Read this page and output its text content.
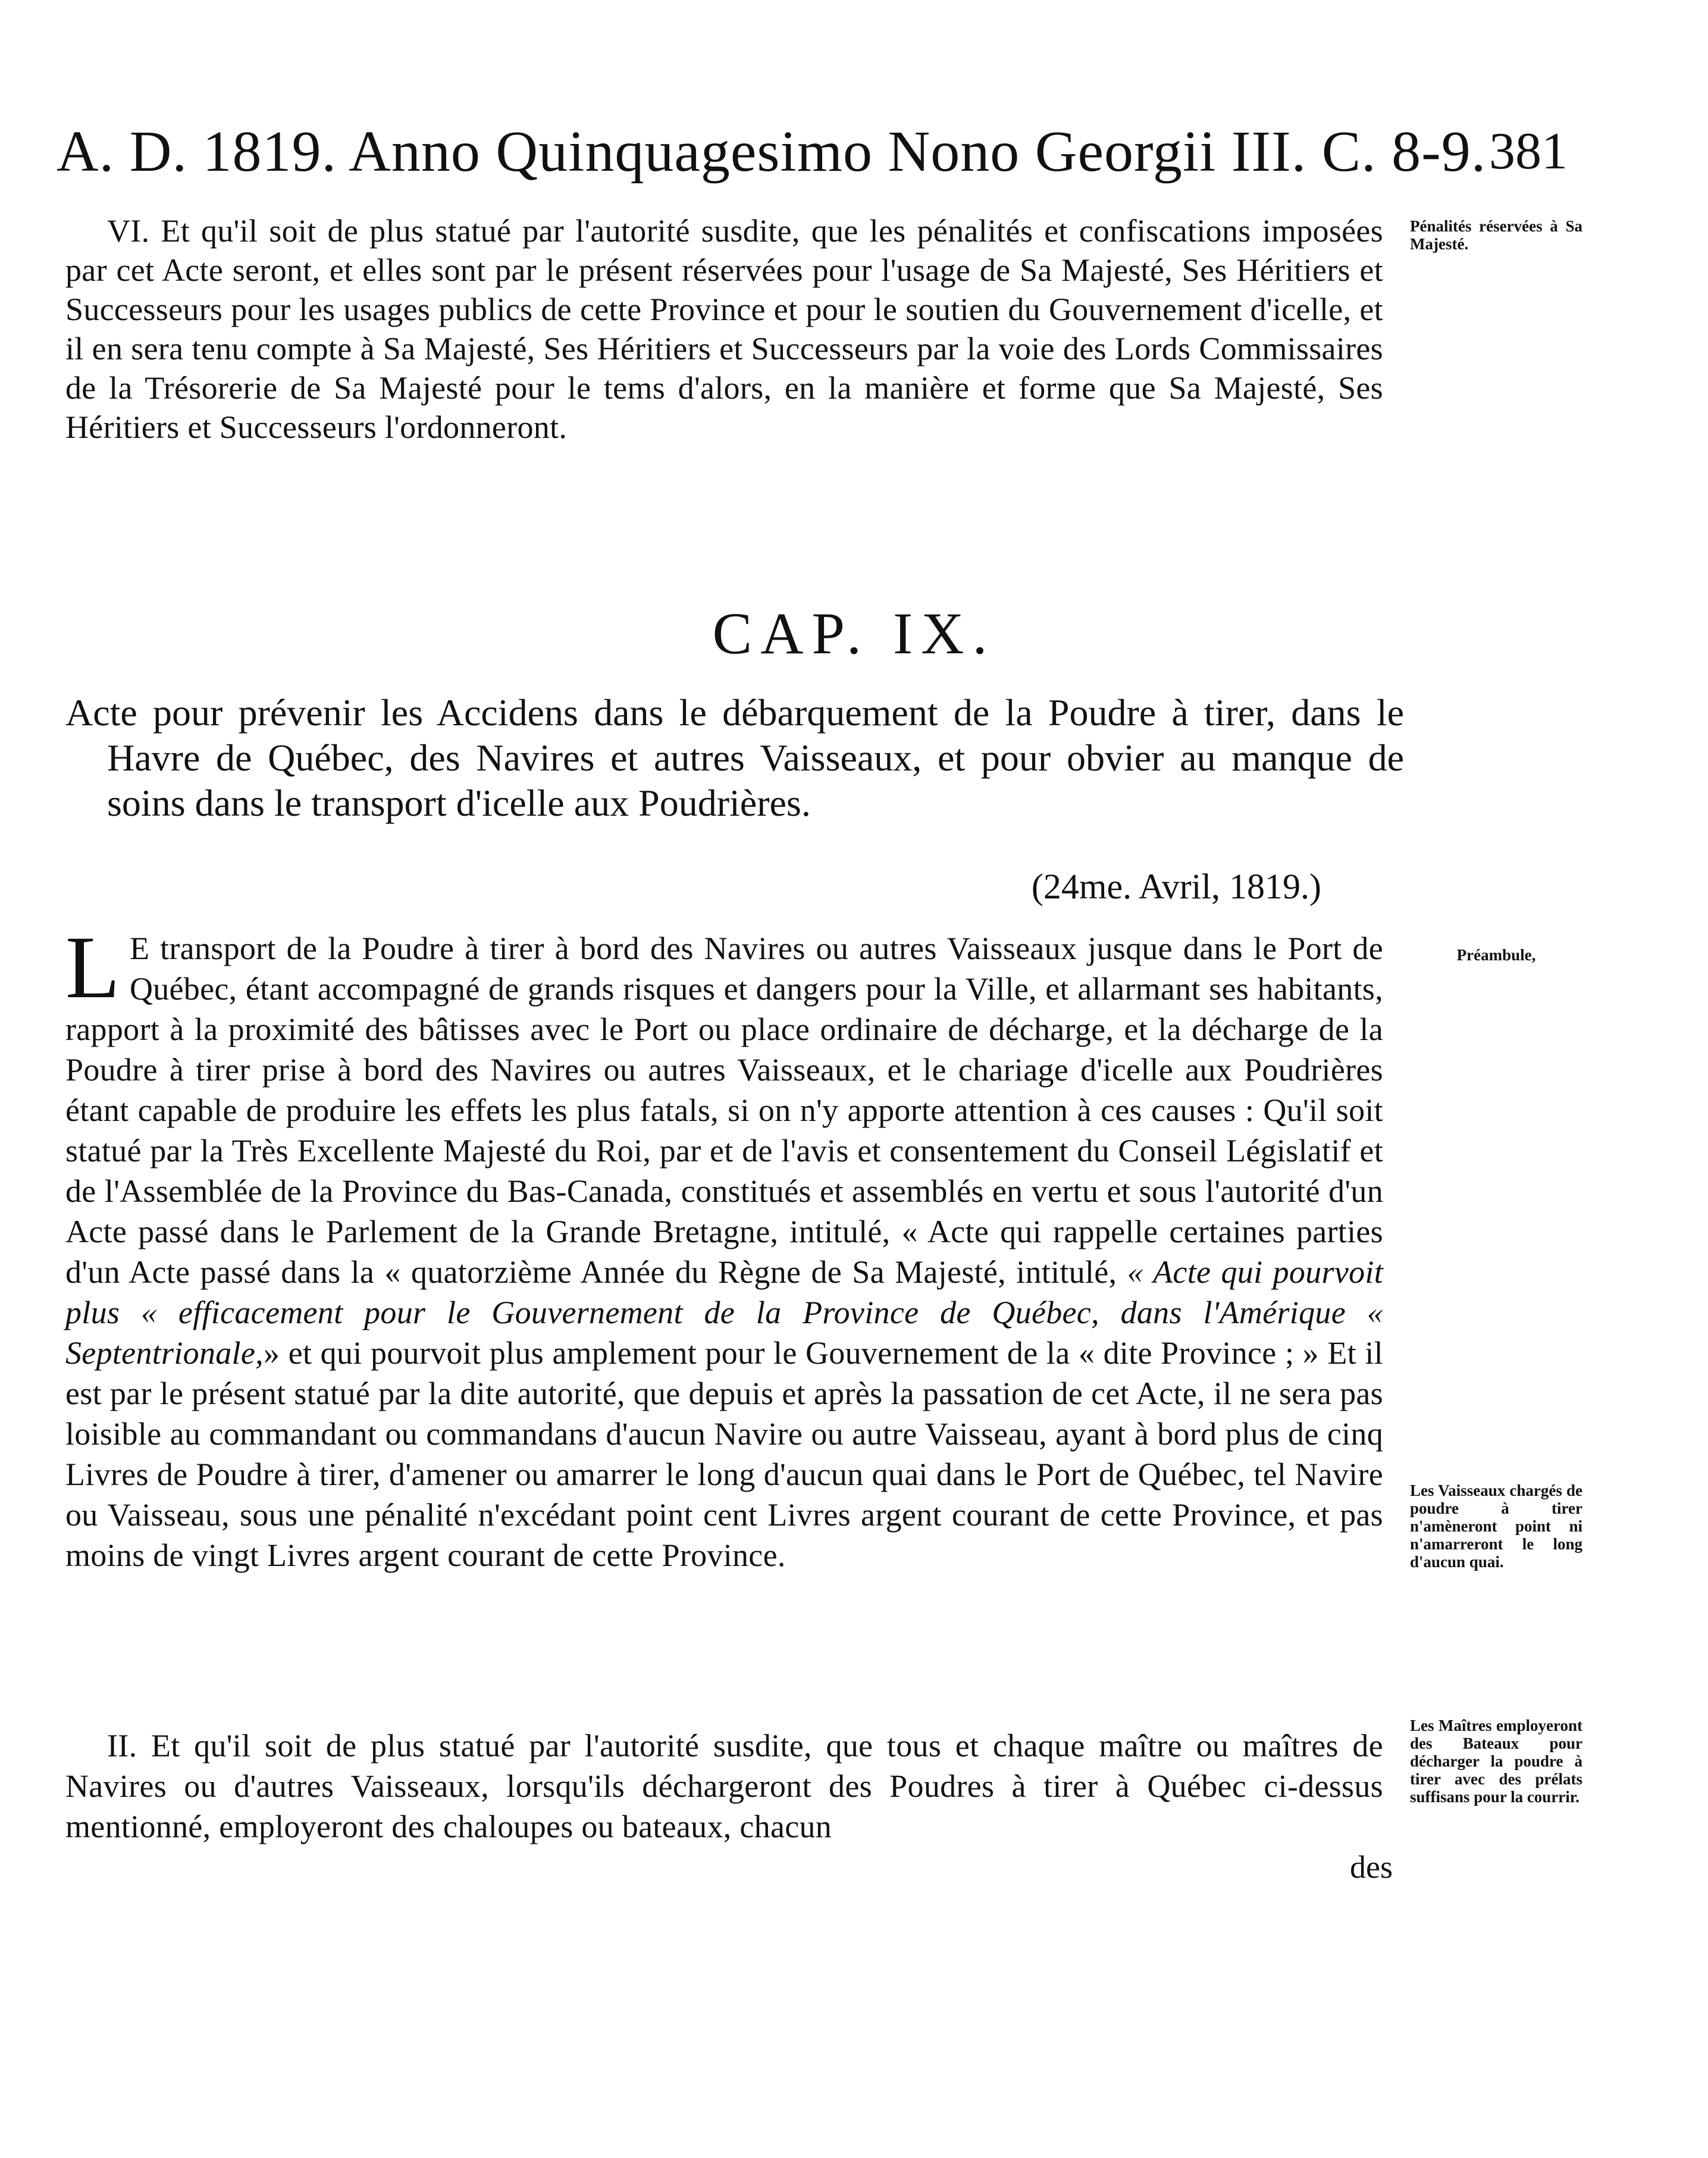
A. D. 1819. Anno Quinquagesimo Nono Georgii III. C. 8-9. 381
VI. Et qu'il soit de plus statué par l'autorité susdite, que les pénalités et confiscations imposées par cet Acte seront, et elles sont par le présent réservées pour l'usage de Sa Majesté, Ses Héritiers et Successeurs pour les usages publics de cette Province et pour le soutien du Gouvernement d'icelle, et il en sera tenu compte à Sa Majesté, Ses Héritiers et Successeurs par la voie des Lords Commissaires de la Trésorerie de Sa Majesté pour le tems d'alors, en la manière et forme que Sa Majesté, Ses Héritiers et Successeurs l'ordonneront.
Pénalités réservées à Sa Majesté.
CAP. IX.
Acte pour prévenir les Accidens dans le débarquement de la Poudre à tirer, dans le Havre de Québec, des Navires et autres Vaisseaux, et pour obvier au manque de soins dans le transport d'icelle aux Poudrières.
(24me. Avril, 1819.)
L E transport de la Poudre à tirer à bord des Navires ou autres Vaisseaux jusque dans le Port de Québec, étant accompagné de grands risques et dangers pour la Ville, et allarmant ses habitants, rapport à la proximité des bâtisses avec le Port ou place ordinaire de décharge, et la décharge de la Poudre à tirer prise à bord des Navires ou autres Vaisseaux, et le chariage d'icelle aux Poudrières étant capable de produire les effets les plus fatals, si on n'y apporte attention à ces causes : Qu'il soit statué par la Très Excellente Majesté du Roi, par et de l'avis et consentement du Conseil Législatif et de l'Assemblée de la Province du Bas-Canada, constitués et assemblés en vertu et sous l'autorité d'un Acte passé dans le Parlement de la Grande Bretagne, intitulé, « Acte qui rappelle certaines parties d'un Acte passé dans la « quatorzième Année du Règne de Sa Majesté, intitulé, « Acte qui pourvoit plus « efficacement pour le Gouvernement de la Province de Québec, dans l'Amérique « Septentrionale,» et qui pourvoit plus amplement pour le Gouvernement de la « dite Province ; » Et il est par le présent statué par la dite autorité, que depuis et après la passation de cet Acte, il ne sera pas loisible au commandant ou commandans d'aucun Navire ou autre Vaisseau, ayant à bord plus de cinq Livres de Poudre à tirer, d'amener ou amarrer le long d'aucun quai dans le Port de Québec, tel Navire ou Vaisseau, sous une pénalité n'excédant point cent Livres argent courant de cette Province, et pas moins de vingt Livres argent courant de cette Province.
Préambule,
Les Vaisseaux chargés de poudre à tirer n'amèneront point ni n'amarreront le long d'aucun quai.
II. Et qu'il soit de plus statué par l'autorité susdite, que tous et chaque maître ou maîtres de Navires ou d'autres Vaisseaux, lorsqu'ils déchargeront des Poudres à tirer à Québec ci-dessus mentionné, employeront des chaloupes ou bateaux, chacun
Les Maîtres employeront des Bateaux pour décharger la poudre à tirer avec des prélats suffisans pour la courrir.
des
